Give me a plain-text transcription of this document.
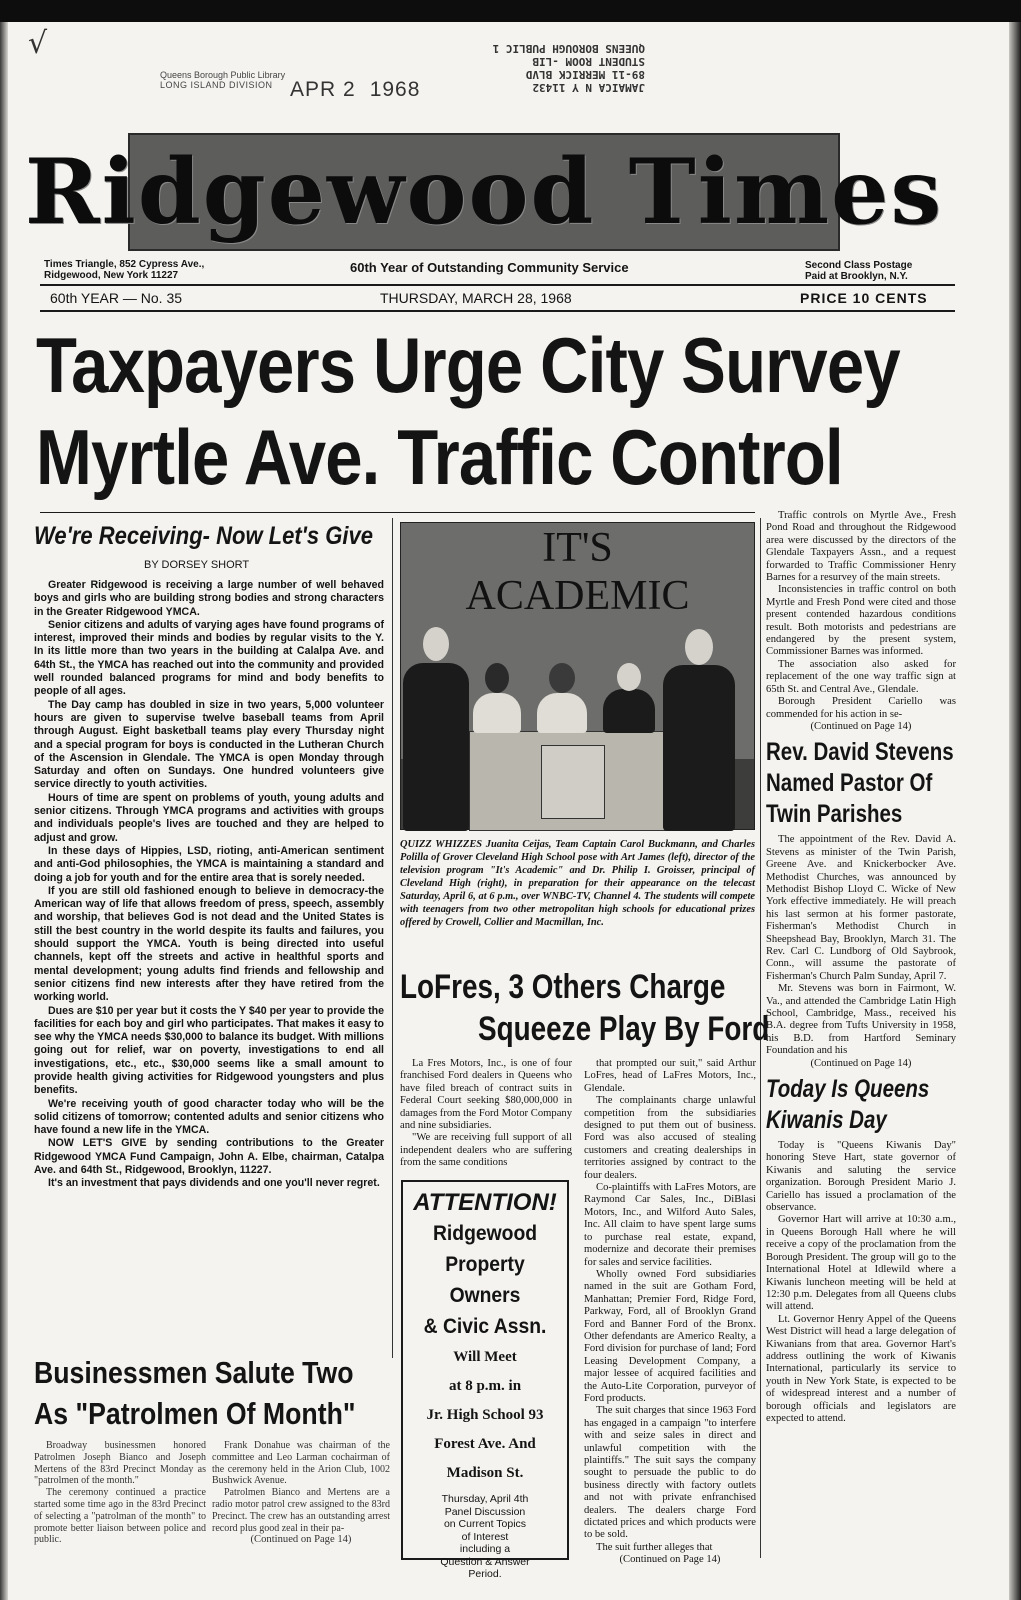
√
Queens Borough Public Library
LONG ISLAND DIVISION APR 2 1968	JAMAICA N Y 11432
89-11 MERRICK BLVD
STUDENT ROOM -LIB
QUEENS BOROUGH PUBLIC 1
Ridgewood Times
Times Triangle, 852 Cypress Ave.,
Ridgewood, New York 11227
60th Year of Outstanding Community Service	Second Class Postage
Paid at Brooklyn, N.Y.
60th YEAR — No. 35	THURSDAY, MARCH 28, 1968	PRICE 10 CENTS
Taxpayers Urge City Survey
Myrtle Ave. Traffic Control
We're Receiving- Now Let's Give
BY DORSEY SHORT

Greater Ridgewood is receiving a large number of well behaved boys and girls who are building strong bodies and strong characters in the Greater Ridgewood YMCA.

Senior citizens and adults of varying ages have found programs of interest, improved their minds and bodies by regular visits to the Y. In its little more than two years in the building at Calalpa Ave. and 64th St., the YMCA has reached out into the community and provided well rounded balanced programs for mind and body benefits to people of all ages.

The Day camp has doubled in size in two years, 5,000 volunteer hours are given to supervise twelve baseball teams from April through August. Eight basketball teams play every Thursday night and a special program for boys is conducted in the Lutheran Church of the Ascension in Glendale. The YMCA is open Monday through Saturday and often on Sundays. One hundred volunteers give service directly to youth activities.

Hours of time are spent on problems of youth, young adults and senior citizens. Through YMCA programs and activities with groups and individuals people's lives are touched and they are helped to adjust and grow.

In these days of Hippies, LSD, rioting, anti-American sentiment and anti-God philosophies, the YMCA is maintaining a standard and doing a job for youth and for the entire area that is sorely needed.

If you are still old fashioned enough to believe in democracy-the American way of life that allows freedom of press, speech, assembly and worship, that believes God is not dead and the United States is still the best country in the world despite its faults and failures, you should support the YMCA. Youth is being directed into useful channels, kept off the streets and active in healthful sports and mental development; young adults find friends and fellowship and senior citizens find new interests after they have retired from the working world.

Dues are $10 per year but it costs the Y $40 per year to provide the facilities for each boy and girl who participates. That makes it easy to see why the YMCA needs $30,000 to balance its budget. With millions going out for relief, war on poverty, investigations to end all investigations, etc., etc., $30,000 seems like a small amount to provide health giving activities for Ridgewood youngsters and plus benefits.

We're receiving youth of good character today who will be the solid citizens of tomorrow; contented adults and senior citizens who have found a new life in the YMCA.

NOW LET'S GIVE by sending contributions to the Greater Ridgewood YMCA Fund Campaign, John A. Elbe, chairman, Catalpa Ave. and 64th St., Ridgewood, Brooklyn, 11227.

It's an investment that pays dividends and one you'll never regret.

IT'S
ACADEMIC
QUIZZ WHIZZES Juanita Ceijas, Team Captain Carol Buckmann, and Charles Polilla of Grover Cleveland High School pose with Art James (left), director of the television program "It's Academic" and Dr. Philip I. Groisser, principal of Cleveland High (right), in preparation for their appearance on the telecast Saturday, April 6, at 6 p.m., over WNBC-TV, Channel 4. The students will compete with teenagers from two other metropolitan high schools for educational prizes offered by Crowell, Collier and Macmillan, Inc.

Traffic controls on Myrtle Ave., Fresh Pond Road and throughout the Ridgewood area were discussed by the directors of the Glendale Taxpayers Assn., and a request forwarded to Traffic Commissioner Henry Barnes for a resurvey of the main streets.

Inconsistencies in traffic control on both Myrtle and Fresh Pond were cited and those present contended hazardous conditions result. Both motorists and pedestrians are endangered by the present system, Commissioner Barnes was informed.

The association also asked for replacement of the one way traffic sign at 65th St. and Central Ave., Glendale.

Borough President Cariello was commended for his action in se-

(Continued on Page 14)

Rev. David Stevens
Named Pastor Of
Twin Parishes

The appointment of the Rev. David A. Stevens as minister of the Twin Parish, Greene Ave. and Knickerbocker Ave. Methodist Churches, was announced by Methodist Bishop Lloyd C. Wicke of New York effective immediately. He will preach his last sermon at his former pastorate, Fisherman's Methodist Church in Sheepshead Bay, Brooklyn, March 31. The Rev. Carl C. Lundborg of Old Saybrook, Conn., will assume the pastorate of Fisherman's Church Palm Sunday, April 7.

Mr. Stevens was born in Fairmont, W. Va., and attended the Cambridge Latin High School, Cambridge, Mass., received his B.A. degree from Tufts University in 1958, his B.D. from Hartford Seminary Foundation and his

(Continued on Page 14)

Today Is Queens
Kiwanis Day

Today is "Queens Kiwanis Day" honoring Steve Hart, state governor of Kiwanis and saluting the service organization. Borough President Mario J. Cariello has issued a proclamation of the observance.

Governor Hart will arrive at 10:30 a.m., in Queens Borough Hall where he will receive a copy of the proclamation from the Borough President. The group will go to the International Hotel at Idlewild where a Kiwanis luncheon meeting will be held at 12:30 p.m. Delegates from all Queens clubs will attend.

Lt. Governor Henry Appel of the Queens West District will head a large delegation of Kiwanians from that area. Governor Hart's address outlining the work of Kiwanis International, particularly its service to youth in New York State, is expected to be of widespread interest and a number of borough officials and legislators are expected to attend.

LoFres, 3 Others Charge
Squeeze Play By Ford

La Fres Motors, Inc., is one of four franchised Ford dealers in Queens who have filed breach of contract suits in Federal Court seeking $80,000,000 in damages from the Ford Motor Company and nine subsidiaries.

"We are receiving full support of all independent dealers who are suffering from the same conditions

that prompted our suit," said Arthur LoFres, head of LaFres Motors, Inc., Glendale.

The complainants charge unlawful competition from the subsidiaries designed to put them out of business. Ford was also accused of stealing customers and creating dealerships in territories assigned by contract to the four dealers.

Co-plaintiffs with LaFres Motors, are Raymond Car Sales, Inc., DiBlasi Motors, Inc., and Wilford Auto Sales, Inc. All claim to have spent large sums to purchase real estate, expand, modernize and decorate their premises for sales and service facilities.

Wholly owned Ford subsidiaries named in the suit are Gotham Ford, Manhattan; Premier Ford, Ridge Ford, Parkway, Ford, all of Brooklyn Grand Ford and Banner Ford of the Bronx. Other defendants are Americo Realty, a Ford division for purchase of land; Ford Leasing Development Company, a major lessee of acquired facilities and the Auto-Lite Corporation, purveyor of Ford products.

The suit charges that since 1963 Ford has engaged in a campaign "to interfere with and seize sales in direct and unlawful competition with the plaintiffs." The suit says the company sought to persuade the public to do business directly with factory outlets and not with private enfranchised dealers. The dealers charge Ford dictated prices and which products were to be sold.

The suit further alleges that

(Continued on Page 14)

ATTENTION!
Ridgewood
Property Owners
& Civic Assn.
Will Meet
at 8 p.m. in
Jr. High School 93
Forest Ave. And
Madison St.
Thursday, April 4th
Panel Discussion
on Current Topics
of Interest
including a
Question & Answer
Period.
Businessmen Salute Two
As "Patrolmen Of Month"

Broadway businessmen honored Patrolmen Joseph Bianco and Joseph Mertens of the 83rd Precinct Monday as "patrolmen of the month."

The ceremony continued a practice started some time ago in the 83rd Precinct of selecting a "patrolman of the month" to promote better liaison between police and public.

Frank Donahue was chairman of the committee and Leo Larman cochairman of the ceremony held in the Arion Club, 1002 Bushwick Avenue.

Patrolmen Bianco and Mertens are a radio motor patrol crew assigned to the 83rd Precinct. The crew has an outstanding arrest record plus good zeal in their pa-

(Continued on Page 14)
